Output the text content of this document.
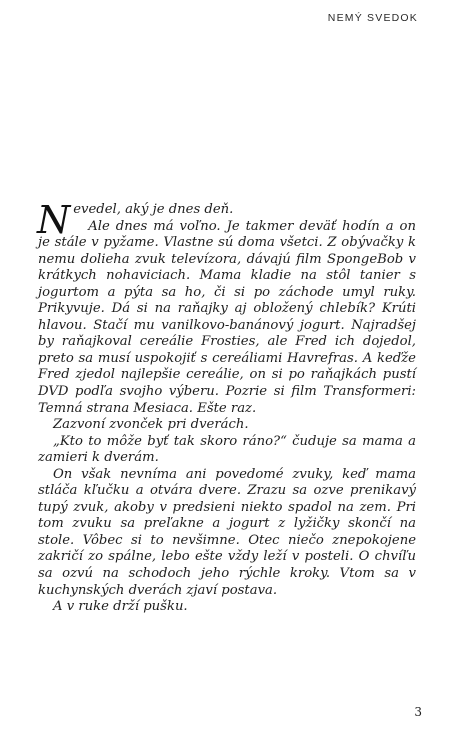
NEMÝ SVEDOK

Nevedel, aký je dnes deň.

Ale dnes má voľno. Je takmer deväť hodín a on je stále v pyžame. Vlastne sú doma všetci. Z obývačky k nemu dolieha zvuk televízora, dávajú film SpongeBob v krátkych nohaviciach. Mama kladie na stôl tanier s jogurtom a pýta sa ho, či si po záchode umyl ruky. Prikyvuje. Dá si na raňajky aj obložený chlebík? Krúti hlavou. Stačí mu vanilkovo-banánový jogurt. Najradšej by raňajkoval cereálie Frosties, ale Fred ich dojedol, preto sa musí uspokojiť s cereáliami Havrefras. A keďže Fred zjedol najlepšie cereálie, on si po raňajkách pustí DVD podľa svojho výberu. Pozrie si film Transformeri: Temná strana Mesiaca. Ešte raz.

Zazvoní zvonček pri dverách.

„Kto to môže byť tak skoro ráno?“ čuduje sa mama a zamieri k dverám.

On však nevníma ani povedomé zvuky, keď mama stláča kľučku a otvára dvere. Zrazu sa ozve prenikavý tupý zvuk, akoby v predsieni niekto spadol na zem. Pri tom zvuku sa preľakne a jogurt z lyžičky skončí na stole. Vôbec si to nevšimne. Otec niečo znepokojene zakričí zo spálne, lebo ešte vždy leží v posteli. O chvíľu sa ozvú na schodoch jeho rýchle kroky. Vtom sa v kuchynských dverách zjaví postava.

A v ruke drží pušku.

3
